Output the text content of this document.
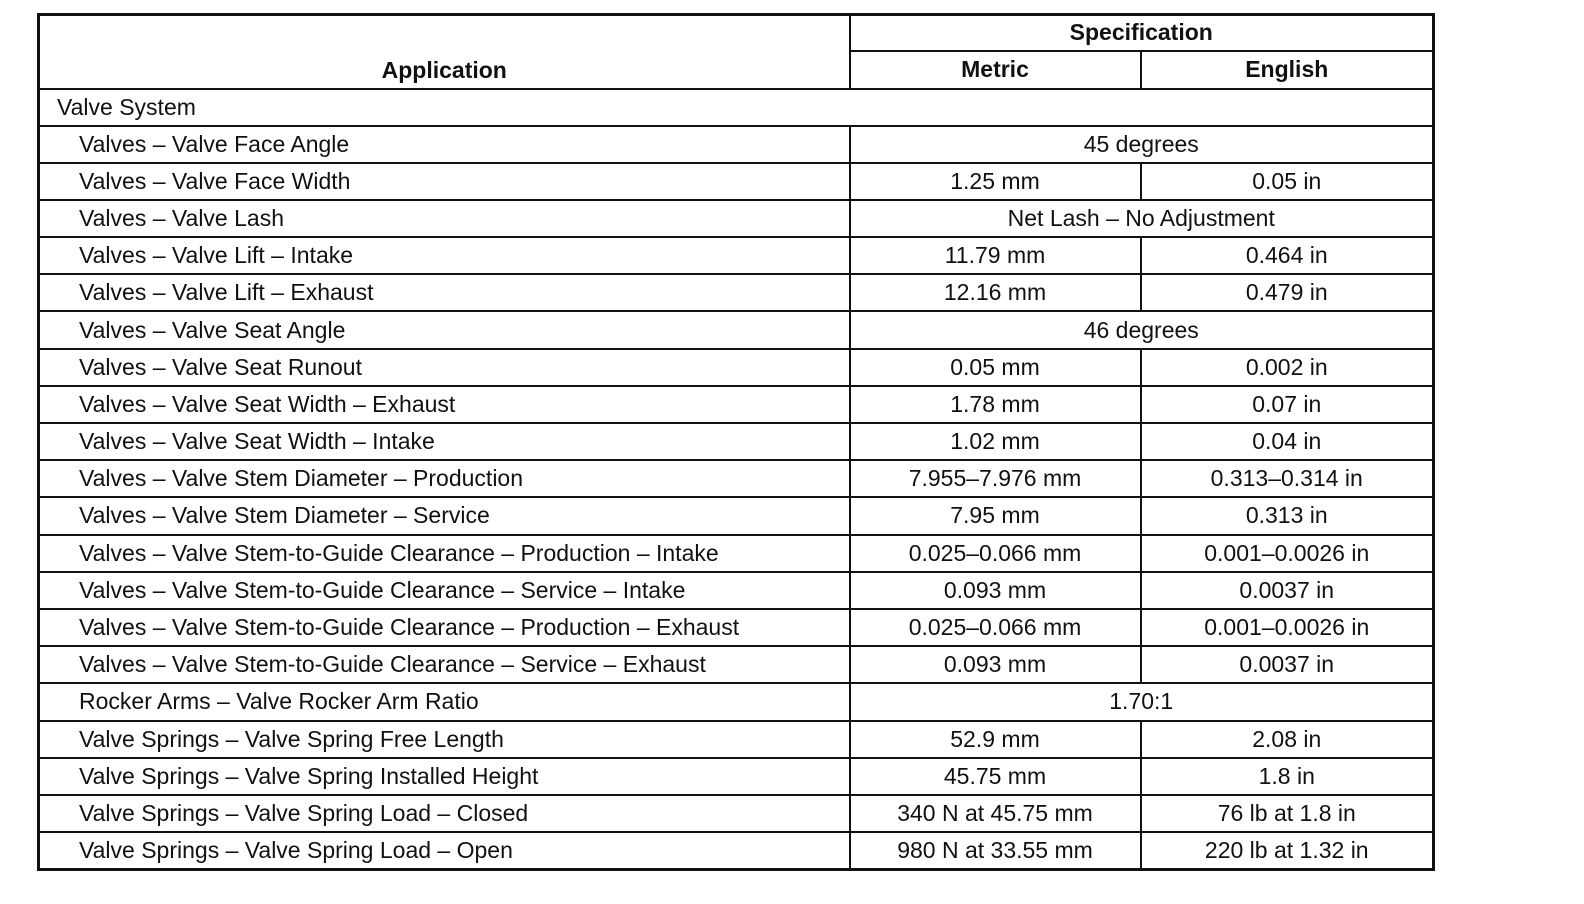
Application	Specification	
	Metric	English
Valve System		
Valves – Valve Face Angle	45 degrees	
Valves – Valve Face Width	1.25 mm	0.05 in
Valves – Valve Lash	Net Lash – No Adjustment	
Valves – Valve Lift – Intake	11.79 mm	0.464 in
Valves – Valve Lift – Exhaust	12.16 mm	0.479 in
Valves – Valve Seat Angle	46 degrees	
Valves – Valve Seat Runout	0.05 mm	0.002 in
Valves – Valve Seat Width – Exhaust	1.78 mm	0.07 in
Valves – Valve Seat Width – Intake	1.02 mm	0.04 in
Valves – Valve Stem Diameter – Production	7.955–7.976 mm	0.313–0.314 in
Valves – Valve Stem Diameter – Service	7.95 mm	0.313 in
Valves – Valve Stem-to-Guide Clearance – Production – Intake	0.025–0.066 mm	0.001–0.0026 in
Valves – Valve Stem-to-Guide Clearance – Service – Intake	0.093 mm	0.0037 in
Valves – Valve Stem-to-Guide Clearance – Production – Exhaust	0.025–0.066 mm	0.001–0.0026 in
Valves – Valve Stem-to-Guide Clearance – Service – Exhaust	0.093 mm	0.0037 in
Rocker Arms – Valve Rocker Arm Ratio	1.70:1	
Valve Springs – Valve Spring Free Length	52.9 mm	2.08 in
Valve Springs – Valve Spring Installed Height	45.75 mm	1.8 in
Valve Springs – Valve Spring Load – Closed	340 N at 45.75 mm	76 lb at 1.8 in
Valve Springs – Valve Spring Load – Open	980 N at 33.55 mm	220 lb at 1.32 in
